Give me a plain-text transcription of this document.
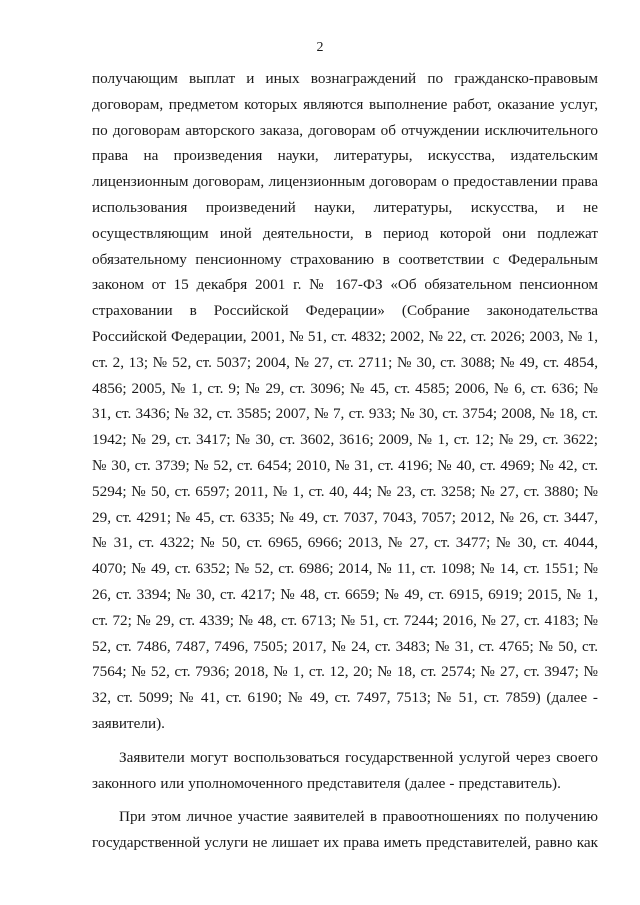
2

получающим выплат и иных вознаграждений по гражданско-правовым договорам, предметом которых являются выполнение работ, оказание услуг, по договорам авторского заказа, договорам об отчуждении исключительного права на произведения науки, литературы, искусства, издательским лицензионным договорам, лицензионным договорам о предоставлении права использования произведений науки, литературы, искусства, и не осуществляющим иной деятельности, в период которой они подлежат обязательному пенсионному страхованию в соответствии с Федеральным законом от 15 декабря 2001 г. № 167-ФЗ «Об обязательном пенсионном страховании в Российской Федерации» (Собрание законодательства Российской Федерации, 2001, № 51, ст. 4832; 2002, № 22, ст. 2026; 2003, № 1, ст. 2, 13; № 52, ст. 5037; 2004, № 27, ст. 2711; № 30, ст. 3088; № 49, ст. 4854, 4856; 2005, № 1, ст. 9; № 29, ст. 3096; № 45, ст. 4585; 2006, № 6, ст. 636; № 31, ст. 3436; № 32, ст. 3585; 2007, № 7, ст. 933; № 30, ст. 3754; 2008, № 18, ст. 1942; № 29, ст. 3417; № 30, ст. 3602, 3616; 2009, № 1, ст. 12; № 29, ст. 3622; № 30, ст. 3739; № 52, ст. 6454; 2010, № 31, ст. 4196; № 40, ст. 4969; № 42, ст. 5294; № 50, ст. 6597; 2011, № 1, ст. 40, 44; № 23, ст. 3258; № 27, ст. 3880; № 29, ст. 4291; № 45, ст. 6335; № 49, ст. 7037, 7043, 7057; 2012, № 26, ст. 3447, № 31, ст. 4322; № 50, ст. 6965, 6966; 2013, № 27, ст. 3477; № 30, ст. 4044, 4070; № 49, ст. 6352; № 52, ст. 6986; 2014, № 11, ст. 1098; № 14, ст. 1551; № 26, ст. 3394; № 30, ст. 4217; № 48, ст. 6659; № 49, ст. 6915, 6919; 2015, № 1, ст. 72; № 29, ст. 4339; № 48, ст. 6713; № 51, ст. 7244; 2016, № 27, ст. 4183; № 52, ст. 7486, 7487, 7496, 7505; 2017, № 24, ст. 3483; № 31, ст. 4765; № 50, ст. 7564; № 52, ст. 7936; 2018, № 1, ст. 12, 20; № 18, ст. 2574; № 27, ст. 3947; № 32, ст. 5099; № 41, ст. 6190; № 49, ст. 7497, 7513; № 51, ст. 7859) (далее - заявители).

Заявители могут воспользоваться государственной услугой через своего законного или уполномоченного представителя (далее - представитель).

При этом личное участие заявителей в правоотношениях по получению государственной услуги не лишает их права иметь представителей, равно как
